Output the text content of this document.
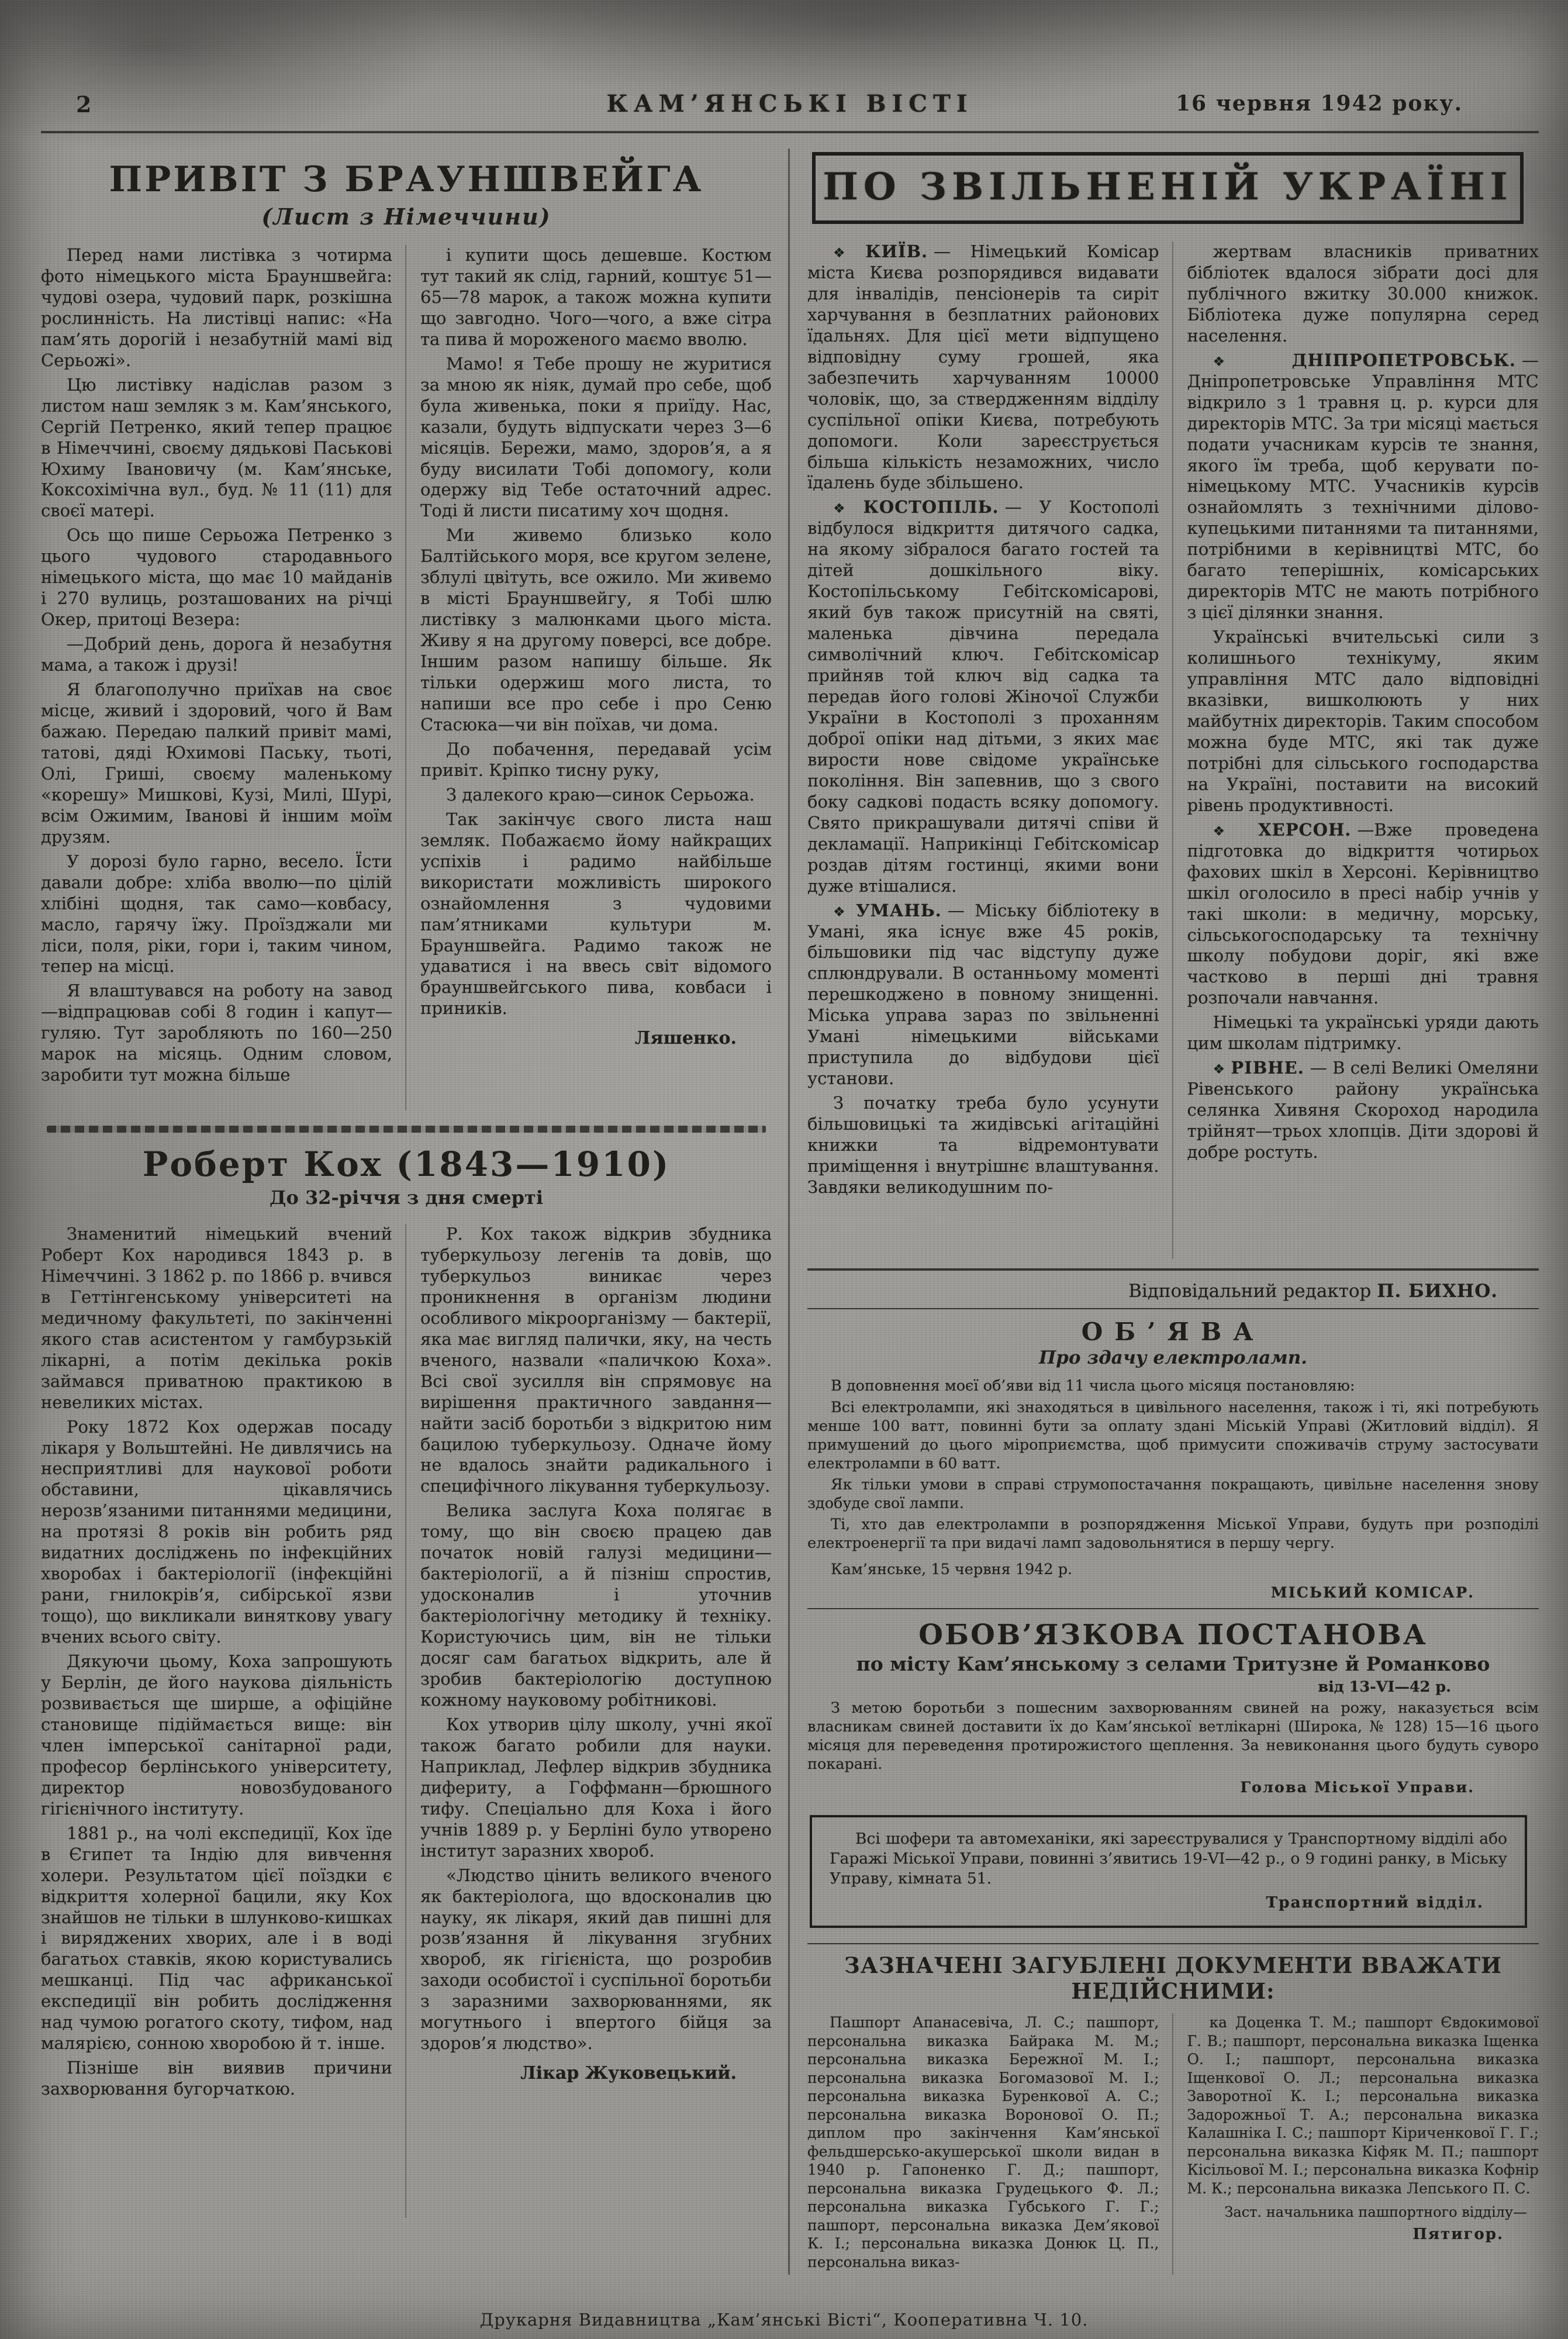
2	КАМ’ЯНСЬКІ ВІСТІ	16 червня 1942 року.
ПРИВІТ З БРАУНШВЕЙГА
(Лист з Німеччини)

Перед нами листівка з чотирма фото німецького міста Брауншвейга: чудові озера, чудовий парк, розкішна рослинність. На листівці напис: «На пам’ять дорогій і незабутній мамі від Серьожі».

Цю листівку надіслав разом з листом наш земляк з м. Кам’янського, Сергій Петренко, який тепер працює в Німеччині, своєму дядькові Паськові Юхиму Івановичу (м. Кам’янське, Коксохімічна вул., буд. № 11 (11) для своєї матері.

Ось що пише Серьожа Петренко з цього чудового стародавнього німецького міста, що має 10 майданів і 270 вулиць, розташованих на річці Окер, притоці Везера:

—Добрий день, дорога й незабутня мама, а також і друзі!

Я благополучно приїхав на своє місце, живий і здоровий, чого й Вам бажаю. Передаю палкий привіт мамі, татові, дяді Юхимові Паську, тьоті, Олі, Гриші, своєму маленькому «корешу» Мишкові, Кузі, Милі, Шурі, всім Ожимим, Іванові й іншим моїм друзям.

У дорозі було гарно, весело. Їсти давали добре: хліба вволю—по цілій хлібіні щодня, так само—ковбасу, масло, гарячу їжу. Проїзджали ми ліси, поля, ріки, гори і, таким чином, тепер на місці.

Я влаштувався на роботу на завод—відпрацював собі 8 годин і капут—гуляю. Тут заробляють по 160—250 марок на місяць. Одним словом, заробити тут можна більше

і купити щось дешевше. Костюм тут такий як слід, гарний, коштує 51—65—78 марок, а також можна купити що завгодно. Чого—чого, а вже сітра та пива й мороженого маємо вволю.

Мамо! я Тебе прошу не журитися за мною як ніяк, думай про себе, щоб була живенька, поки я приїду. Нас, казали, будуть відпускати через 3—6 місяців. Бережи, мамо, здоров’я, а я буду висилати Тобі допомогу, коли одержу від Тебе остаточний адрес. Тоді й листи писатиму хоч щодня.

Ми живемо близько коло Балтійського моря, все кругом зелене, зблулі цвітуть, все ожило. Ми живемо в місті Брауншвейгу, я Тобі шлю листівку з малюнками цього міста. Живу я на другому поверсі, все добре. Іншим разом напишу більше. Як тільки одержиш мого листа, то напиши все про себе і про Сеню Стасюка—чи він поїхав, чи дома.

До побачення, передавай усім привіт. Кріпко тисну руку,

З далекого краю—синок Серьожа.

Так закінчує свого листа наш земляк. Побажаємо йому найкращих успіхів і радимо найбільше використати можливість широкого ознайомлення з чудовими пам’ятниками культури м. Брауншвейга. Радимо також не удаватися і на ввесь світ відомого брауншвейгського пива, ковбаси і приників.

Ляшенко.

Роберт Кох (1843—1910)
До 32-річчя з дня смерті

Знаменитий німецький вчений Роберт Кох народився 1843 р. в Німеччині. З 1862 р. по 1866 р. вчився в Геттінгенському університеті на медичному факультеті, по закінченні якого став асистентом у гамбурзькій лікарні, а потім декілька років займався приватною практикою в невеликих містах.

Року 1872 Кох одержав посаду лікаря у Вольштейні. Не дивлячись на несприятливі для наукової роботи обставини, цікавлячись нерозв’язаними питаннями медицини, на протязі 8 років він робить ряд видатних досліджень по інфекційних хворобах і бактеріології (інфекційні рани, гнилокрів’я, сибірської язви тощо), що викликали виняткову увагу вчених всього світу.

Дякуючи цьому, Коха запрошують у Берлін, де його наукова діяльність розвивається ще ширше, а офіційне становище підіймається вище: він член імперської санітарної ради, професор берлінського університету, директор новозбудованого гігієнічного інституту.

1881 р., на чолі експедиції, Кох їде в Єгипет та Індію для вивчення холери. Результатом цієї поїздки є відкриття холерної бацили, яку Кох знайшов не тільки в шлунково-кишках і виряджених хворих, але і в воді багатьох ставків, якою користувались мешканці. Під час африканської експедиції він робить дослідження над чумою рогатого скоту, тифом, над малярією, сонною хворобою й т. інше.

Пізніше він виявив причини захворювання бугорчаткою.

Р. Кох також відкрив збудника туберкульозу легенів та довів, що туберкульоз виникає через проникнення в організм людини особливого мікроорганізму — бактерії, яка має вигляд палички, яку, на честь вченого, назвали «паличкою Коха». Всі свої зусилля він спрямовує на вирішення практичного завдання—найти засіб боротьби з відкритою ним бацилою туберкульозу. Одначе йому не вдалось знайти радикального і специфічного лікування туберкульозу.

Велика заслуга Коха полягає в тому, що він своєю працею дав початок новій галузі медицини—бактеріології, а й пізніш спростив, удосконалив і уточнив бактеріологічну методику й техніку. Користуючись цим, він не тільки досяг сам багатьох відкрить, але й зробив бактеріологію доступною кожному науковому робітникові.

Кох утворив цілу школу, учні якої також багато робили для науки. Наприклад, Лефлер відкрив збудника дифериту, а Гоффманн—брюшного тифу. Спеціально для Коха і його учнів 1889 р. у Берліні було утворено інститут заразних хвороб.

«Людство цінить великого вченого як бактеріолога, що вдосконалив цю науку, як лікаря, який дав пишні для розв’язання й лікування згубних хвороб, як гігієніста, що розробив заходи особистої і суспільної боротьби з заразними захворюваннями, як могутнього і впертого бійця за здоров’я людство».

Лікар Жуковецький.

ПО ЗВІЛЬНЕНІЙ УКРАЇНІ

❖ КИЇВ. — Німецький Комісар міста Києва розпорядився видавати для інвалідів, пенсіонерів та сиріт харчування в безплатних районових їдальнях. Для цієї мети відпущено відповідну суму грошей, яка забезпечить харчуванням 10000 чоловік, що, за ствердженням відділу суспільної опіки Києва, потребують допомоги. Коли зареєструється більша кількість незаможних, число їдалень буде збільшено.

❖ КОСТОПІЛЬ. — У Костополі відбулося відкриття дитячого садка, на якому зібралося багато гостей та дітей дошкільного віку. Костопільському Гебітскомісарові, який був також присутній на святі, маленька дівчина передала символічний ключ. Гебітскомісар прийняв той ключ від садка та передав його голові Жіночої Служби України в Костополі з проханням доброї опіки над дітьми, з яких має вирости нове свідоме українське покоління. Він запевнив, що з свого боку садкові подасть всяку допомогу. Свято прикрашували дитячі співи й декламації. Наприкінці Гебітскомісар роздав дітям гостинці, якими вони дуже втішалися.

❖ УМАНЬ. — Міську бібліотеку в Умані, яка існує вже 45 років, більшовики під час відступу дуже сплюндрували. В останньому моменті перешкоджено в повному знищенні. Міська управа зараз по звільненні Умані німецькими військами приступила до відбудови цієї установи.

З початку треба було усунути більшовицькі та жидівські агітаційні книжки та відремонтувати приміщення і внутрішнє влаштування. Завдяки великодушним по-

жертвам власників приватних бібліотек вдалося зібрати досі для публічного вжитку 30.000 книжок. Бібліотека дуже популярна серед населення.

❖ ДНІПРОПЕТРОВСЬК. — Дніпропетровське Управління МТС відкрило з 1 травня ц. р. курси для директорів МТС. За три місяці мається подати учасникам курсів те знання, якого їм треба, щоб керувати по-німецькому МТС. Учасників курсів ознайомлять з технічними ділово-купецькими питаннями та питаннями, потрібними в керівництві МТС, бо багато теперішніх, комісарських директорів МТС не мають потрібного з цієї ділянки знання.

Українські вчительські сили з колишнього технікуму, яким управління МТС дало відповідні вказівки, вишколюють у них майбутніх директорів. Таким способом можна буде МТС, які так дуже потрібні для сільського господарства на Україні, поставити на високий рівень продуктивності.

❖ ХЕРСОН. —Вже проведена підготовка до відкриття чотирьох фахових шкіл в Херсоні. Керівництво шкіл оголосило в пресі набір учнів у такі школи: в медичну, морську, сільськогосподарську та технічну школу побудови доріг, які вже частково в перші дні травня розпочали навчання.

Німецькі та українські уряди дають цим школам підтримку.

❖ РІВНЕ. — В селі Великі Омеляни Рівенського району українська селянка Хивяня Скороход народила трійнят—трьох хлопців. Діти здорові й добре ростуть.

Відповідальний редактор П. БИХНО.

ОБ’ЯВА
Про здачу електроламп.

В доповнення моєї об’яви від 11 числа цього місяця постановляю:

Всі електролампи, які знаходяться в цивільного населення, також і ті, які потребують менше 100 ватт, повинні бути за оплату здані Міській Управі (Житловий відділ). Я примушений до цього міроприємства, щоб примусити споживачів струму застосувати електролампи в 60 ватт.

Як тільки умови в справі струмопостачання покращають, цивільне населення знову здобуде свої лампи.

Ті, хто дав електролампи в розпорядження Міської Управи, будуть при розподілі електроенергії та при видачі ламп задовольнятися в першу чергу.

Кам’янське, 15 червня 1942 р.

МІСЬКИЙ КОМІСАР.

ОБОВ’ЯЗКОВА ПОСТАНОВА
по місту Кам’янському з селами Тритузне й Романково

від 13-VI—42 р.

З метою боротьби з пошесним захворюванням свиней на рожу, наказується всім власникам свиней доставити їх до Кам’янської ветлікарні (Широка, № 128) 15—16 цього місяця для переведення протирожистого щеплення. За невиконання цього будуть суворо покарані.

Голова Міської Управи.

Всі шофери та автомеханіки, які зареєструвалися у Транспортному відділі або Гаражі Міської Управи, повинні з’явитись 19-VI—42 р., о 9 годині ранку, в Міську Управу, кімната 51.

Транспортний відділ.

ЗАЗНАЧЕНІ ЗАГУБЛЕНІ ДОКУМЕНТИ ВВАЖАТИ НЕДІЙСНИМИ:

Пашпорт Апанасевіча, Л. С.; пашпорт, персональна виказка Байрака М. М.; персональна виказка Бережної М. І.; персональна виказка Богомазової М. І.; персональна виказка Буренкової А. С.; персональна виказка Воронової О. П.; диплом про закінчення Кам’янської фельдшерсько-акушерської школи видан в 1940 р. Гапоненко Г. Д.; пашпорт, персональна виказка Грудецького Ф. Л.; персональна виказка Губського Г. Г.; пашпорт, персональна виказка Дем’якової К. І.; персональна виказка Донюк Ц. П., персональна виказ-

ка Доценка Т. М.; пашпорт Євдокимової Г. В.; пашпорт, персональна виказка Іщенка О. І.; пашпорт, персональна виказка Іщенкової О. Л.; персональна виказка Заворотної К. І.; персональна виказка Задорожньої Т. А.; персональна виказка Калашніка І. С.; пашпорт Кіриченкової Г. Г.; персональна виказка Кіфяк М. П.; пашпорт Кісільової М. І.; персональна виказка Кофнір М. К.; персональна виказка Лепського П. С.

Заст. начальника пашпортного відділу—

Пятигор.

Друкарня Видавництва „Кам’янські Вісті“, Кооперативна Ч. 10.
